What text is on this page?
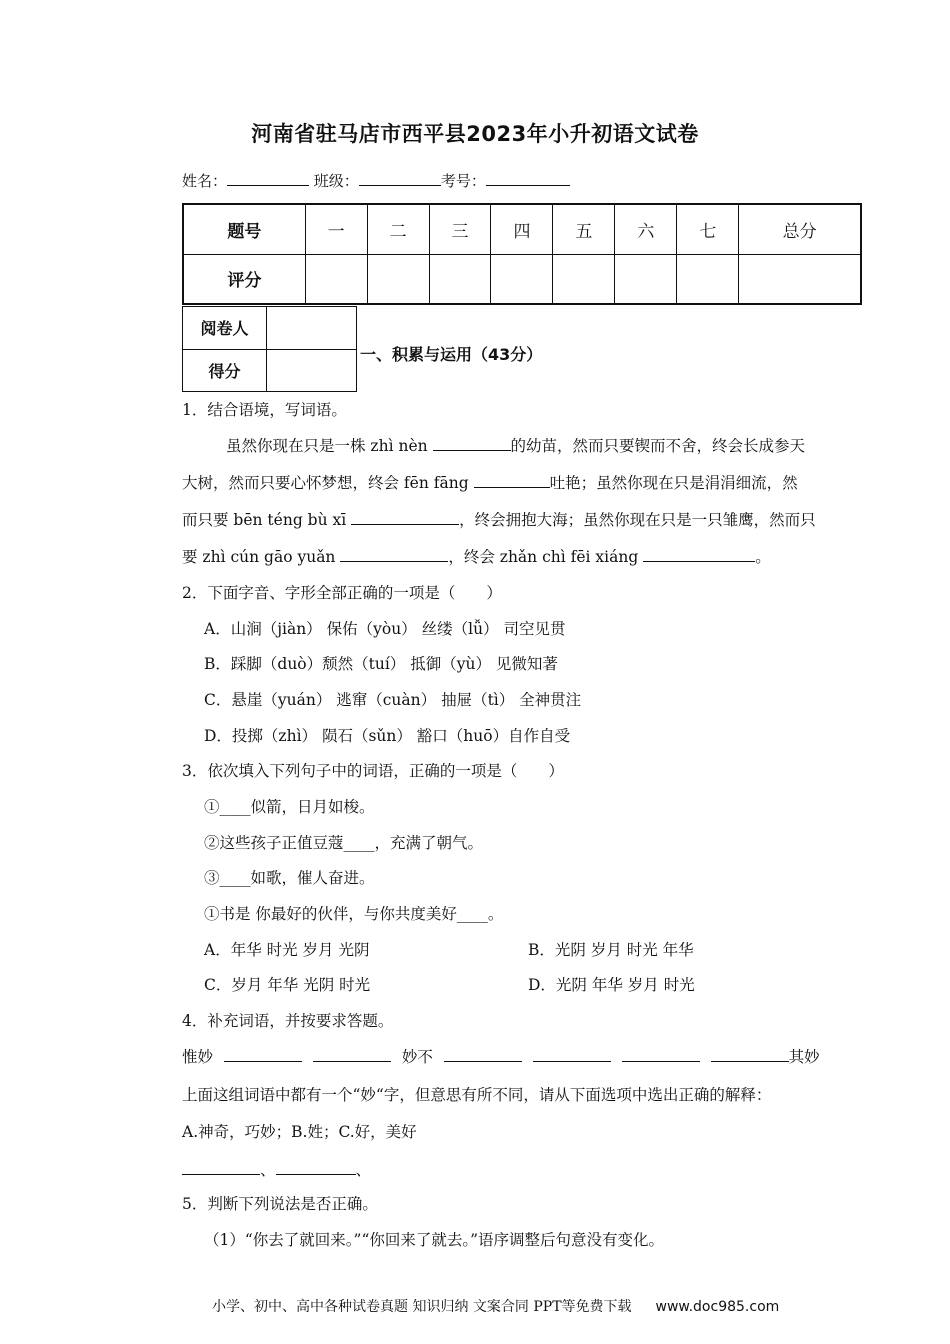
河南省驻马店市西平县2023年小升初语文试卷
姓名：	班级：	考号：
题号	一	二	三	四	五	六	七	总分
评分								
阅卷人	
得分	
一、积累与运用（43分）
1．结合语境，写词语。
虽然你现在只是一株 zhì nèn	的幼苗，然而只要锲而不舍，终会长成参天
大树，然而只要心怀梦想，终会 fēn fāng	吐艳；虽然你现在只是涓涓细流，然
而只要 bēn téng bù xī	，终会拥抱大海；虽然你现在只是一只雏鹰，然而只
要 zhì cún gāo yuǎn	，终会 zhǎn chì fēi xiáng	。
2．下面字音、字形全部正确的一项是（　　）
A．山涧（jiàn） 保佑（yòu） 丝缕（lǚ） 司空见贯
B．踩脚（duò）颓然（tuí） 抵御（yù） 见微知著
C．悬崖（yuán） 逃窜（cuàn） 抽屉（tì） 全神贯注
D．投掷（zhì） 陨石（sǔn） 豁口（huō）自作自受
3．依次填入下列句子中的词语，正确的一项是（　　）
①____似箭，日月如梭。
②这些孩子正值豆蔻____，充满了朝气。
③____如歌，催人奋进。
①书是 你最好的伙伴，与你共度美好____。
A．年华 时光 岁月 光阴	B．光阴 岁月 时光 年华
C．岁月 年华 光阴 时光	D．光阴 年华 岁月 时光
4．补充词语，并按要求答题。
惟妙	妙不	其妙
上面这组词语中都有一个“妙“字，但意思有所不同，请从下面选项中选出正确的解释：
A.神奇，巧妙；B.姓；C.好，美好
、	、
5．判断下列说法是否正确。
（1）“你去了就回来。”“你回来了就去。”语序调整后句意没有变化。
小学、初中、高中各种试卷真题 知识归纳 文案合同 PPT等免费下载 www.doc985.com
